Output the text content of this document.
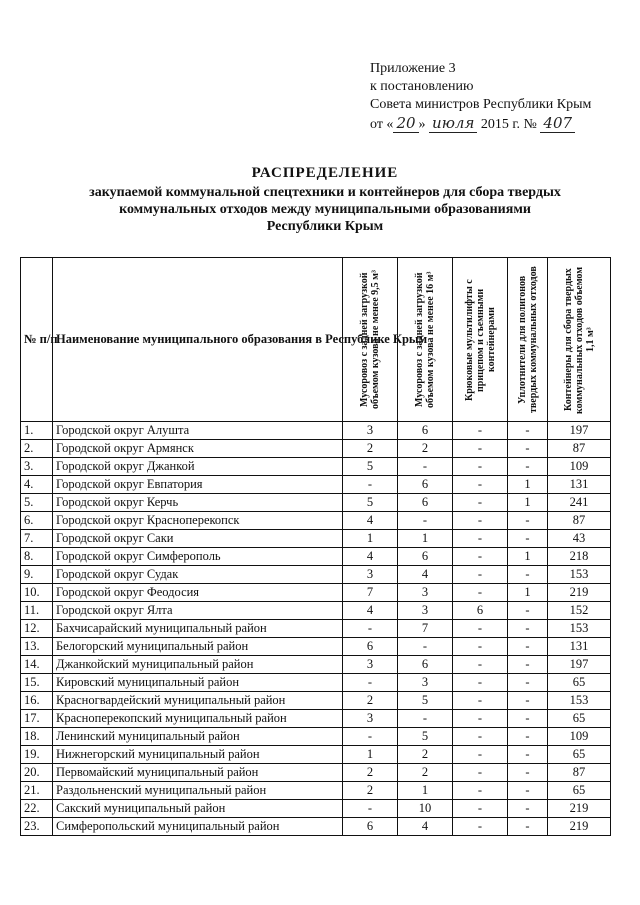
Приложение 3
к постановлению
Совета министров Республики Крым
от « 20 » июля 2015 г. № 407
РАСПРЕДЕЛЕНИЕ
закупаемой коммунальной спецтехники и контейнеров для сбора твердых
коммунальных отходов между муниципальными образованиями
Республики Крым
№ п/п	Наименование муниципального образования в Республике Крым	Мусоровоз с задней загрузкой объемом кузова не менее 9,5 м³	Мусоровоз с задней загрузкой объемом кузова не менее 16 м³	Крюковые мультилифты с прицепом и съемными контейнерами	Уплотнители для полигонов твердых коммунальных отходов	Контейнеры для сбора твердых коммунальных отходов объемом 1,1 м³

1.	Городской округ Алушта	3	6	-	-	197
2.	Городской округ Армянск	2	2	-	-	87
3.	Городской округ Джанкой	5	-	-	-	109
4.	Городской округ Евпатория	-	6	-	1	131
5.	Городской округ Керчь	5	6	-	1	241
6.	Городской округ Красноперекопск	4	-	-	-	87
7.	Городской округ Саки	1	1	-	-	43
8.	Городской округ Симферополь	4	6	-	1	218
9.	Городской округ Судак	3	4	-	-	153
10.	Городской округ Феодосия	7	3	-	1	219
11.	Городской округ Ялта	4	3	6	-	152
12.	Бахчисарайский муниципальный район	-	7	-	-	153
13.	Белогорский муниципальный район	6	-	-	-	131
14.	Джанкойский муниципальный район	3	6	-	-	197
15.	Кировский муниципальный район	-	3	-	-	65
16.	Красногвардейский муниципальный район	2	5	-	-	153
17.	Красноперекопский муниципальный район	3	-	-	-	65
18.	Ленинский муниципальный район	-	5	-	-	109
19.	Нижнегорский муниципальный район	1	2	-	-	65
20.	Первомайский муниципальный район	2	2	-	-	87
21.	Раздольненский муниципальный район	2	1	-	-	65
22.	Сакский муниципальный район	-	10	-	-	219
23.	Симферопольский муниципальный район	6	4	-	-	219
